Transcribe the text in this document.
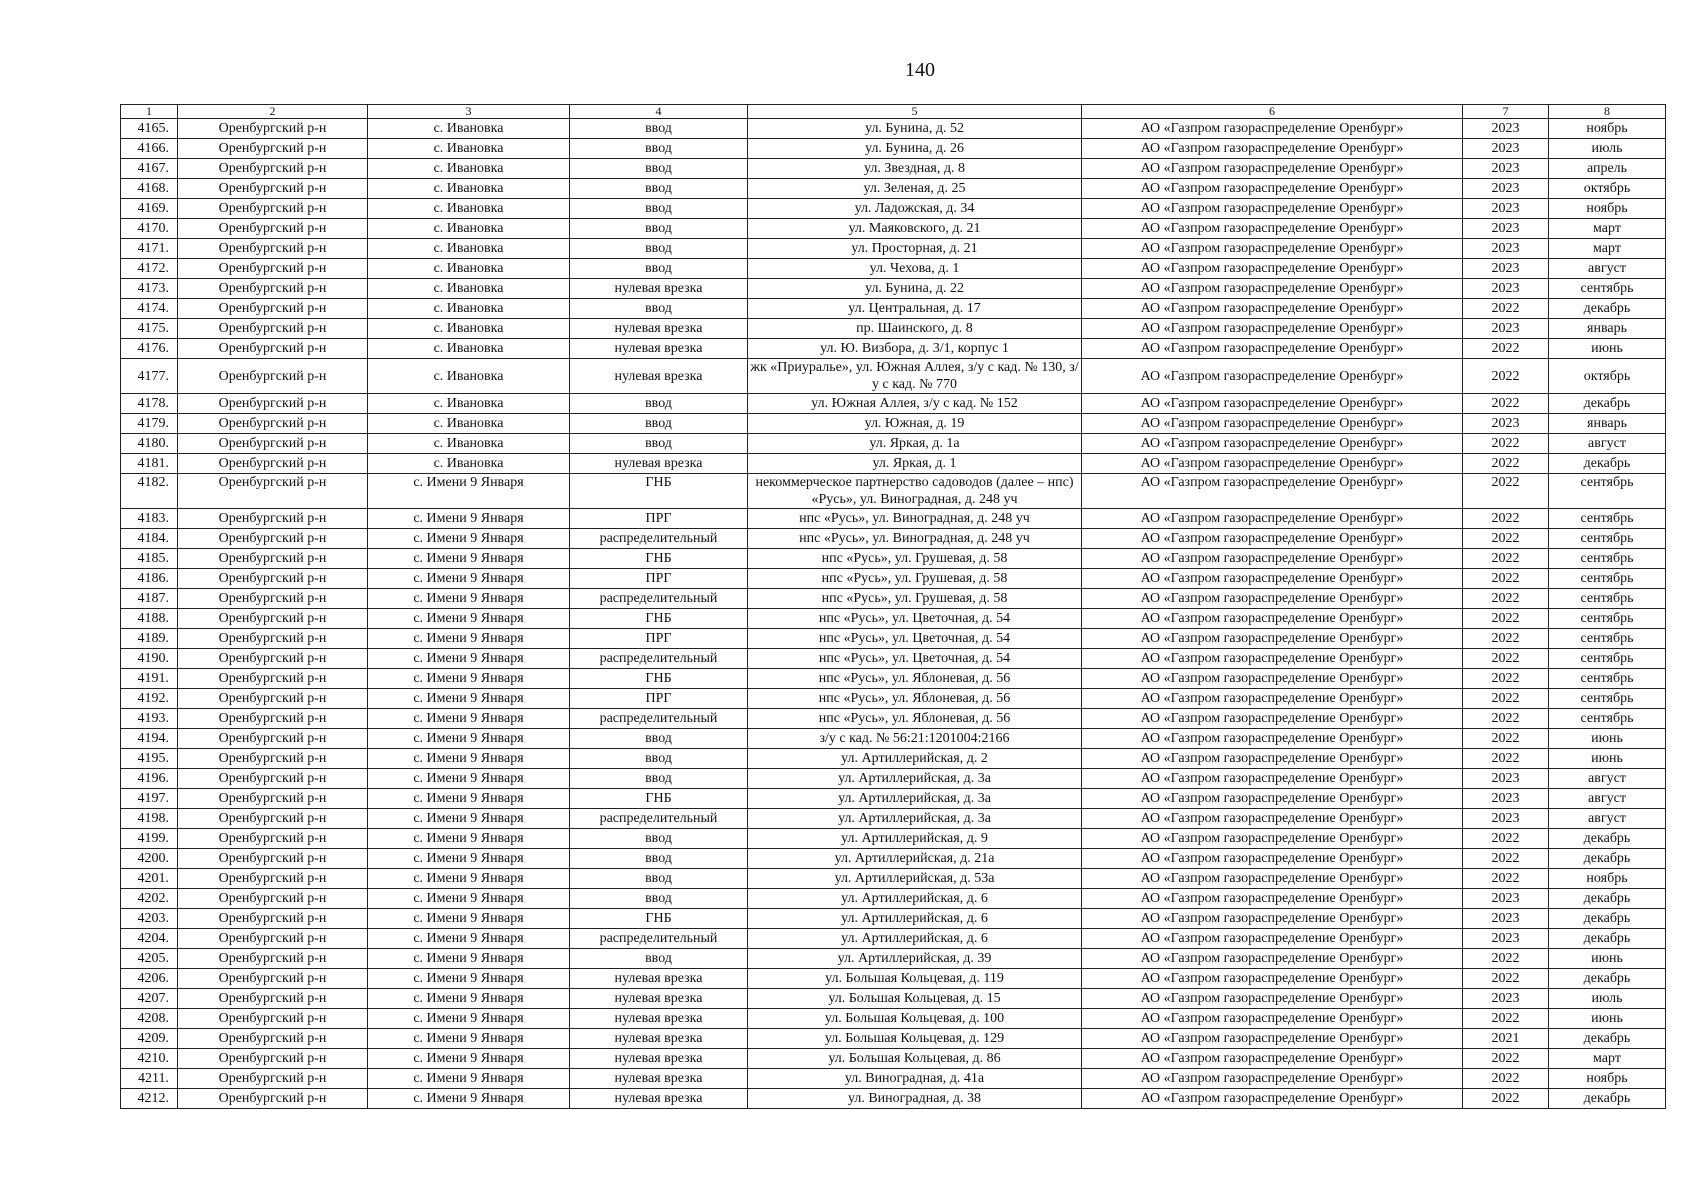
140
1	2	3	4	5	6	7	8
4165.	Оренбургский р-н	с. Ивановка	ввод	ул. Бунина, д. 52	АО «Газпром газораспределение Оренбург»	2023	ноябрь
4166.	Оренбургский р-н	с. Ивановка	ввод	ул. Бунина, д. 26	АО «Газпром газораспределение Оренбург»	2023	июль
4167.	Оренбургский р-н	с. Ивановка	ввод	ул. Звездная, д. 8	АО «Газпром газораспределение Оренбург»	2023	апрель
4168.	Оренбургский р-н	с. Ивановка	ввод	ул. Зеленая, д. 25	АО «Газпром газораспределение Оренбург»	2023	октябрь
4169.	Оренбургский р-н	с. Ивановка	ввод	ул. Ладожская, д. 34	АО «Газпром газораспределение Оренбург»	2023	ноябрь
4170.	Оренбургский р-н	с. Ивановка	ввод	ул. Маяковского, д. 21	АО «Газпром газораспределение Оренбург»	2023	март
4171.	Оренбургский р-н	с. Ивановка	ввод	ул. Просторная, д. 21	АО «Газпром газораспределение Оренбург»	2023	март
4172.	Оренбургский р-н	с. Ивановка	ввод	ул. Чехова, д. 1	АО «Газпром газораспределение Оренбург»	2023	август
4173.	Оренбургский р-н	с. Ивановка	нулевая врезка	ул. Бунина, д. 22	АО «Газпром газораспределение Оренбург»	2023	сентябрь
4174.	Оренбургский р-н	с. Ивановка	ввод	ул. Центральная, д. 17	АО «Газпром газораспределение Оренбург»	2022	декабрь
4175.	Оренбургский р-н	с. Ивановка	нулевая врезка	пр. Шаинского, д. 8	АО «Газпром газораспределение Оренбург»	2023	январь
4176.	Оренбургский р-н	с. Ивановка	нулевая врезка	ул. Ю. Визбора, д. 3/1, корпус 1	АО «Газпром газораспределение Оренбург»	2022	июнь
4177.	Оренбургский р-н	с. Ивановка	нулевая врезка	жк «Приуралье», ул. Южная Аллея, з/у с кад. № 130, з/у с кад. № 770	АО «Газпром газораспределение Оренбург»	2022	октябрь
4178.	Оренбургский р-н	с. Ивановка	ввод	ул. Южная Аллея, з/у с кад. № 152	АО «Газпром газораспределение Оренбург»	2022	декабрь
4179.	Оренбургский р-н	с. Ивановка	ввод	ул. Южная, д. 19	АО «Газпром газораспределение Оренбург»	2023	январь
4180.	Оренбургский р-н	с. Ивановка	ввод	ул. Яркая, д. 1а	АО «Газпром газораспределение Оренбург»	2022	август
4181.	Оренбургский р-н	с. Ивановка	нулевая врезка	ул. Яркая, д. 1	АО «Газпром газораспределение Оренбург»	2022	декабрь
4182.	Оренбургский р-н	с. Имени 9 Января	ГНБ	некоммерческое партнерство садоводов (далее – нпс) «Русь», ул. Виноградная, д. 248 уч	АО «Газпром газораспределение Оренбург»	2022	сентябрь
4183.	Оренбургский р-н	с. Имени 9 Января	ПРГ	нпс «Русь», ул. Виноградная, д. 248 уч	АО «Газпром газораспределение Оренбург»	2022	сентябрь
4184.	Оренбургский р-н	с. Имени 9 Января	распределительный	нпс «Русь», ул. Виноградная, д. 248 уч	АО «Газпром газораспределение Оренбург»	2022	сентябрь
4185.	Оренбургский р-н	с. Имени 9 Января	ГНБ	нпс «Русь», ул. Грушевая, д. 58	АО «Газпром газораспределение Оренбург»	2022	сентябрь
4186.	Оренбургский р-н	с. Имени 9 Января	ПРГ	нпс «Русь», ул. Грушевая, д. 58	АО «Газпром газораспределение Оренбург»	2022	сентябрь
4187.	Оренбургский р-н	с. Имени 9 Января	распределительный	нпс «Русь», ул. Грушевая, д. 58	АО «Газпром газораспределение Оренбург»	2022	сентябрь
4188.	Оренбургский р-н	с. Имени 9 Января	ГНБ	нпс «Русь», ул. Цветочная, д. 54	АО «Газпром газораспределение Оренбург»	2022	сентябрь
4189.	Оренбургский р-н	с. Имени 9 Января	ПРГ	нпс «Русь», ул. Цветочная, д. 54	АО «Газпром газораспределение Оренбург»	2022	сентябрь
4190.	Оренбургский р-н	с. Имени 9 Января	распределительный	нпс «Русь», ул. Цветочная, д. 54	АО «Газпром газораспределение Оренбург»	2022	сентябрь
4191.	Оренбургский р-н	с. Имени 9 Января	ГНБ	нпс «Русь», ул. Яблоневая, д. 56	АО «Газпром газораспределение Оренбург»	2022	сентябрь
4192.	Оренбургский р-н	с. Имени 9 Января	ПРГ	нпс «Русь», ул. Яблоневая, д. 56	АО «Газпром газораспределение Оренбург»	2022	сентябрь
4193.	Оренбургский р-н	с. Имени 9 Января	распределительный	нпс «Русь», ул. Яблоневая, д. 56	АО «Газпром газораспределение Оренбург»	2022	сентябрь
4194.	Оренбургский р-н	с. Имени 9 Января	ввод	з/у с кад. № 56:21:1201004:2166	АО «Газпром газораспределение Оренбург»	2022	июнь
4195.	Оренбургский р-н	с. Имени 9 Января	ввод	ул. Артиллерийская, д. 2	АО «Газпром газораспределение Оренбург»	2022	июнь
4196.	Оренбургский р-н	с. Имени 9 Января	ввод	ул. Артиллерийская, д. 3а	АО «Газпром газораспределение Оренбург»	2023	август
4197.	Оренбургский р-н	с. Имени 9 Января	ГНБ	ул. Артиллерийская, д. 3а	АО «Газпром газораспределение Оренбург»	2023	август
4198.	Оренбургский р-н	с. Имени 9 Января	распределительный	ул. Артиллерийская, д. 3а	АО «Газпром газораспределение Оренбург»	2023	август
4199.	Оренбургский р-н	с. Имени 9 Января	ввод	ул. Артиллерийская, д. 9	АО «Газпром газораспределение Оренбург»	2022	декабрь
4200.	Оренбургский р-н	с. Имени 9 Января	ввод	ул. Артиллерийская, д. 21а	АО «Газпром газораспределение Оренбург»	2022	декабрь
4201.	Оренбургский р-н	с. Имени 9 Января	ввод	ул. Артиллерийская, д. 53а	АО «Газпром газораспределение Оренбург»	2022	ноябрь
4202.	Оренбургский р-н	с. Имени 9 Января	ввод	ул. Артиллерийская, д. 6	АО «Газпром газораспределение Оренбург»	2023	декабрь
4203.	Оренбургский р-н	с. Имени 9 Января	ГНБ	ул. Артиллерийская, д. 6	АО «Газпром газораспределение Оренбург»	2023	декабрь
4204.	Оренбургский р-н	с. Имени 9 Января	распределительный	ул. Артиллерийская, д. 6	АО «Газпром газораспределение Оренбург»	2023	декабрь
4205.	Оренбургский р-н	с. Имени 9 Января	ввод	ул. Артиллерийская, д. 39	АО «Газпром газораспределение Оренбург»	2022	июнь
4206.	Оренбургский р-н	с. Имени 9 Января	нулевая врезка	ул. Большая Кольцевая, д. 119	АО «Газпром газораспределение Оренбург»	2022	декабрь
4207.	Оренбургский р-н	с. Имени 9 Января	нулевая врезка	ул. Большая Кольцевая, д. 15	АО «Газпром газораспределение Оренбург»	2023	июль
4208.	Оренбургский р-н	с. Имени 9 Января	нулевая врезка	ул. Большая Кольцевая, д. 100	АО «Газпром газораспределение Оренбург»	2022	июнь
4209.	Оренбургский р-н	с. Имени 9 Января	нулевая врезка	ул. Большая Кольцевая, д. 129	АО «Газпром газораспределение Оренбург»	2021	декабрь
4210.	Оренбургский р-н	с. Имени 9 Января	нулевая врезка	ул. Большая Кольцевая, д. 86	АО «Газпром газораспределение Оренбург»	2022	март
4211.	Оренбургский р-н	с. Имени 9 Января	нулевая врезка	ул. Виноградная, д. 41а	АО «Газпром газораспределение Оренбург»	2022	ноябрь
4212.	Оренбургский р-н	с. Имени 9 Января	нулевая врезка	ул. Виноградная, д. 38	АО «Газпром газораспределение Оренбург»	2022	декабрь
